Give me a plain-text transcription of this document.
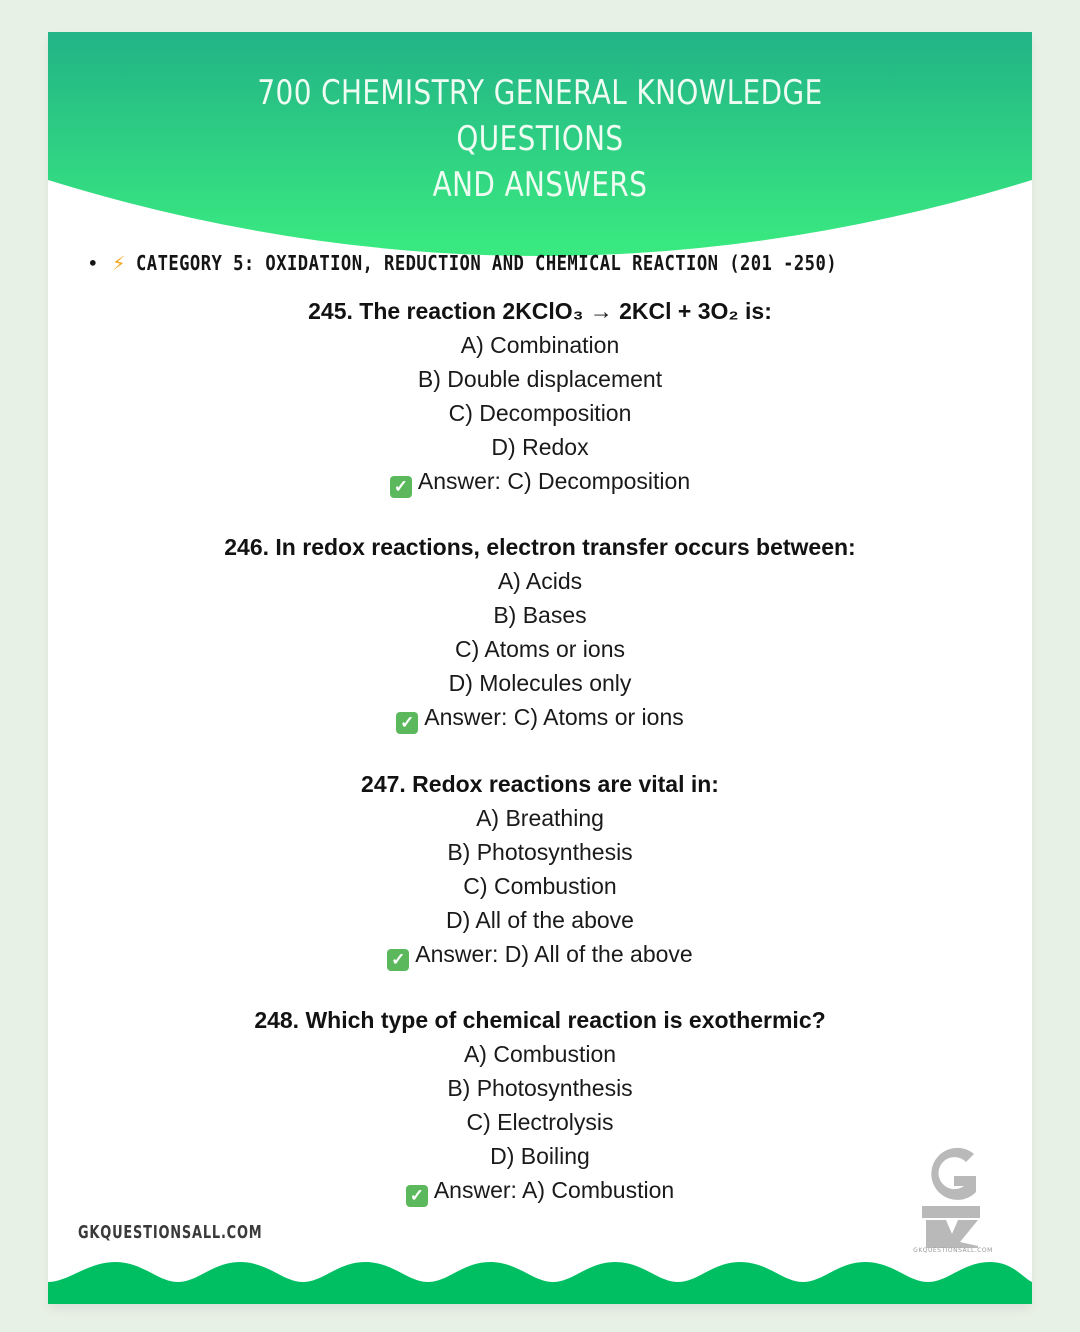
700 CHEMISTRY GENERAL KNOWLEDGE
QUESTIONS
AND ANSWERS
• ⚡ CATEGORY 5: OXIDATION, REDUCTION AND CHEMICAL REACTION (201 -250)
245. The reaction 2KClO₃ → 2KCl + 3O₂ is:
A) Combination
B) Double displacement
C) Decomposition
D) Redox
✓ Answer: C) Decomposition
246. In redox reactions, electron transfer occurs between:
A) Acids
B) Bases
C) Atoms or ions
D) Molecules only
✓ Answer: C) Atoms or ions
247. Redox reactions are vital in:
A) Breathing
B) Photosynthesis
C) Combustion
D) All of the above
✓ Answer: D) All of the above
248. Which type of chemical reaction is exothermic?
A) Combustion
B) Photosynthesis
C) Electrolysis
D) Boiling
✓ Answer: A) Combustion
GKQUESTIONSALL.COM
GKQUESTIONSALL.COM
